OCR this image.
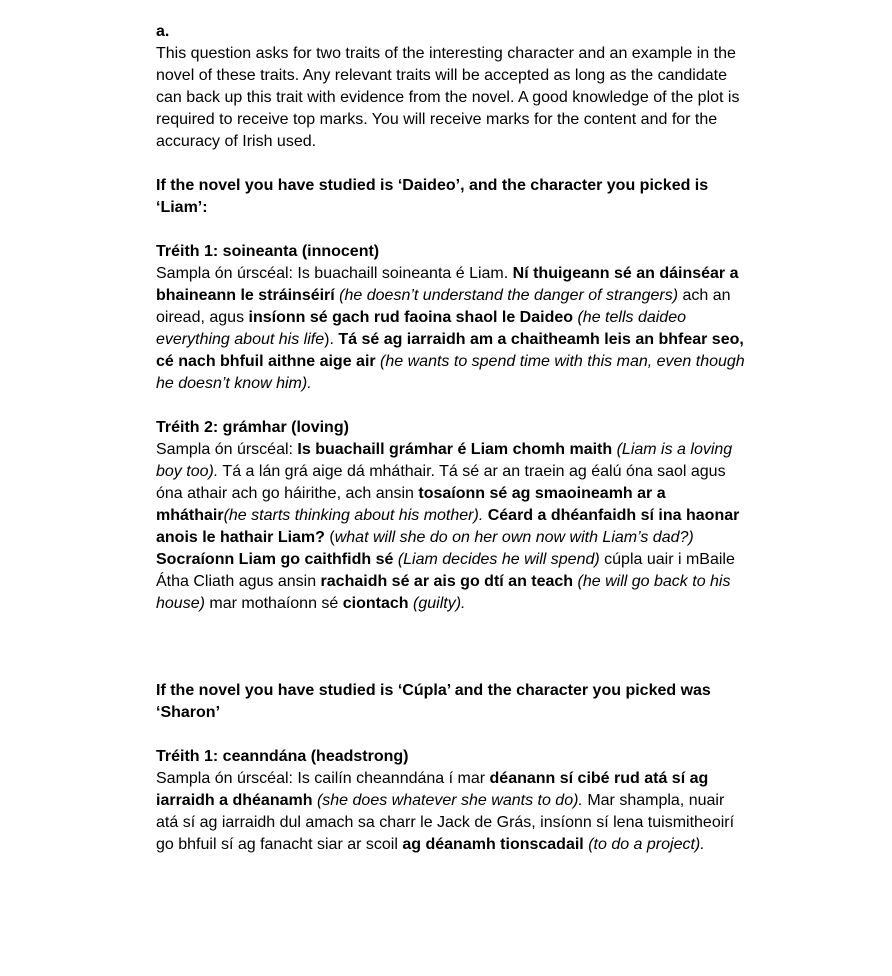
a.

This question asks for two traits of the interesting character and an example in the novel of these traits. Any relevant traits will be accepted as long as the candidate can back up this trait with evidence from the novel. A good knowledge of the plot is required to receive top marks. You will receive marks for the content and for the accuracy of Irish used.

If the novel you have studied is ‘Daideo’, and the character you picked is ‘Liam’:

Tréith 1: soineanta (innocent)

Sampla ón úrscéal: Is buachaill soineanta é Liam. Ní thuigeann sé an dáinséar a bhaineann le stráinséirí (he doesn’t understand the danger of strangers) ach an oiread, agus insíonn sé gach rud faoina shaol le Daideo (he tells daideo everything about his life). Tá sé ag iarraidh am a chaitheamh leis an bhfear seo, cé nach bhfuil aithne aige air (he wants to spend time with this man, even though he doesn’t know him).

Tréith 2: grámhar (loving)

Sampla ón úrscéal: Is buachaill grámhar é Liam chomh maith (Liam is a loving boy too). Tá a lán grá aige dá mháthair. Tá sé ar an traein ag éalú óna saol agus óna athair ach go háirithe, ach ansin tosaíonn sé ag smaoineamh ar a mháthair(he starts thinking about his mother). Céard a dhéanfaidh sí ina haonar anois le hathair Liam? (what will she do on her own now with Liam’s dad?) Socraíonn Liam go caithfidh sé (Liam decides he will spend) cúpla uair i mBaile Átha Cliath agus ansin rachaidh sé ar ais go dtí an teach (he will go back to his house) mar mothaíonn sé ciontach (guilty).

If the novel you have studied is ‘Cúpla’ and the character you picked was ‘Sharon’

Tréith 1: ceanndána (headstrong)

Sampla ón úrscéal: Is cailín cheanndána í mar déanann sí cibé rud atá sí ag iarraidh a dhéanamh (she does whatever she wants to do). Mar shampla, nuair atá sí ag iarraidh dul amach sa charr le Jack de Grás, insíonn sí lena tuismitheoirí go bhfuil sí ag fanacht siar ar scoil ag déanamh tionscadail (to do a project).
